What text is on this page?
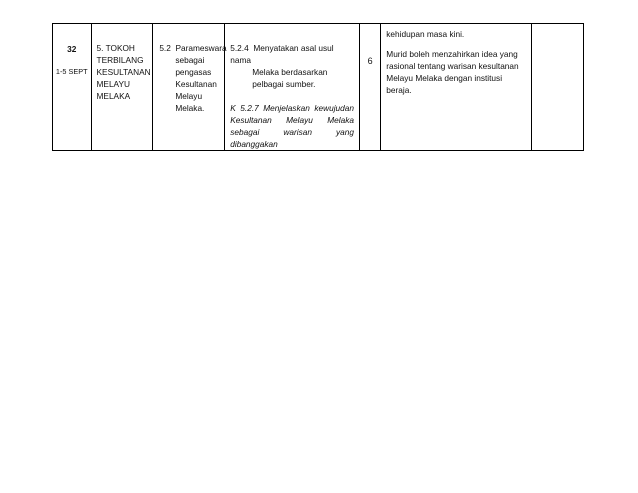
32
1-5 SEPT

5. TOKOH
TERBILANG
KESULTANAN
MELAYU
MELAKA

5.2 Parameswara
sebagai
pengasas
Kesultanan
Melayu
Melaka.

5.2.4 Menyatakan asal usul nama
Melaka berdasarkan
pelbagai sumber.
K 5.2.7 Menjelaskan kewujudan
Kesultanan Melayu Melaka
sebagai warisan yang
dibanggakan

6

kehidupan masa kini.
Murid boleh menzahirkan idea yang rasional tentang warisan kesultanan Melayu Melaka dengan institusi beraja.
